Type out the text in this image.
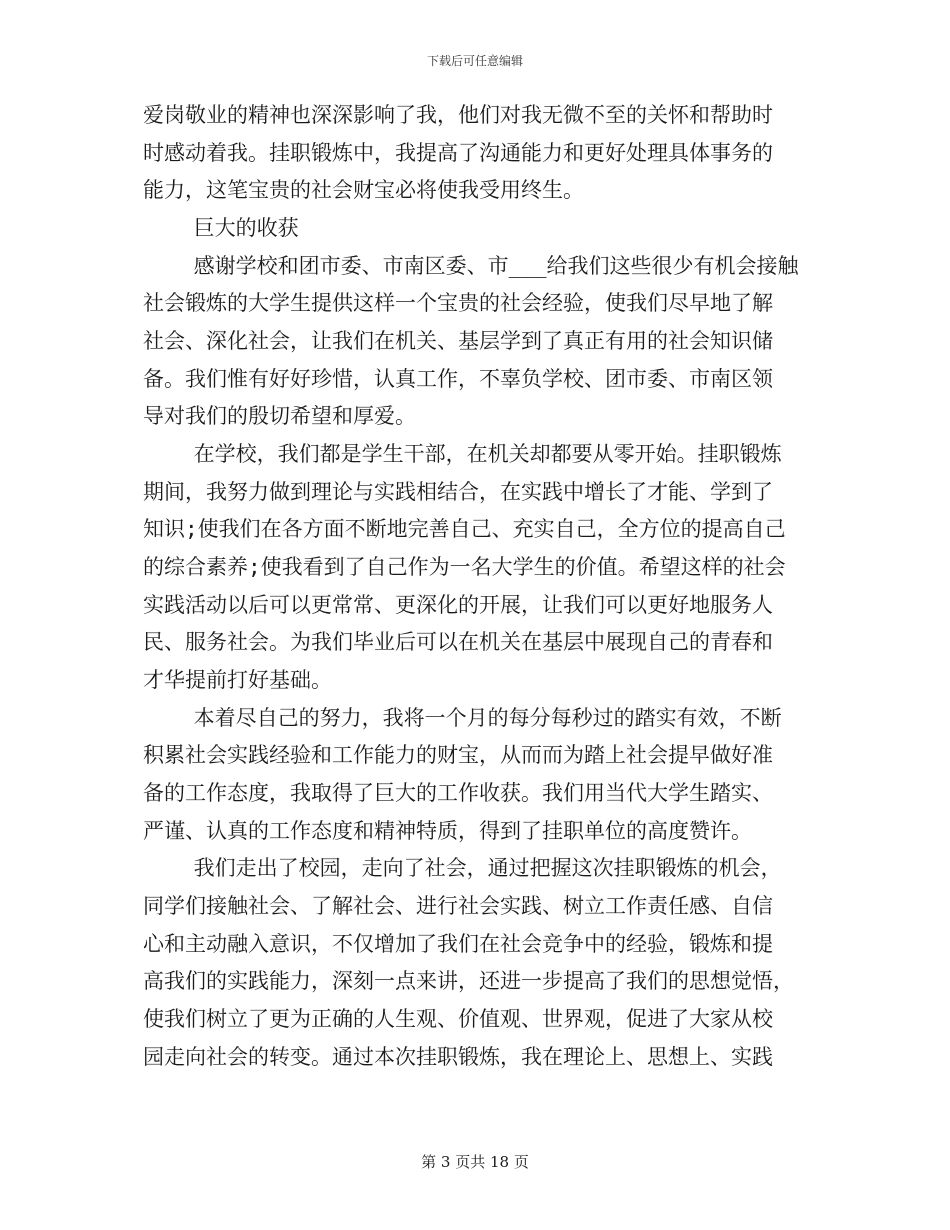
下载后可任意编辑
爱岗敬业的精神也深深影响了我，他们对我无微不至的关怀和帮助时
时感动着我。挂职锻炼中，我提高了沟通能力和更好处理具体事务的
能力，这笔宝贵的社会财宝必将使我受用终生。
巨大的收获
感谢学校和团市委、市南区委、市___给我们这些很少有机会接触
社会锻炼的大学生提供这样一个宝贵的社会经验，使我们尽早地了解
社会、深化社会，让我们在机关、基层学到了真正有用的社会知识储
备。我们惟有好好珍惜，认真工作，不辜负学校、团市委、市南区领
导对我们的殷切希望和厚爱。
在学校，我们都是学生干部，在机关却都要从零开始。挂职锻炼
期间，我努力做到理论与实践相结合，在实践中增长了才能、学到了
知识;使我们在各方面不断地完善自己、充实自己，全方位的提高自己
的综合素养;使我看到了自己作为一名大学生的价值。希望这样的社会
实践活动以后可以更常常、更深化的开展，让我们可以更好地服务人
民、服务社会。为我们毕业后可以在机关在基层中展现自己的青春和
才华提前打好基础。
本着尽自己的努力，我将一个月的每分每秒过的踏实有效，不断
积累社会实践经验和工作能力的财宝，从而而为踏上社会提早做好准
备的工作态度，我取得了巨大的工作收获。我们用当代大学生踏实、
严谨、认真的工作态度和精神特质，得到了挂职单位的高度赞许。
我们走出了校园，走向了社会，通过把握这次挂职锻炼的机会，
同学们接触社会、了解社会、进行社会实践、树立工作责任感、自信
心和主动融入意识，不仅增加了我们在社会竞争中的经验，锻炼和提
高我们的实践能力，深刻一点来讲，还进一步提高了我们的思想觉悟，
使我们树立了更为正确的人生观、价值观、世界观，促进了大家从校
园走向社会的转变。通过本次挂职锻炼，我在理论上、思想上、实践
第 3 页共 18 页
